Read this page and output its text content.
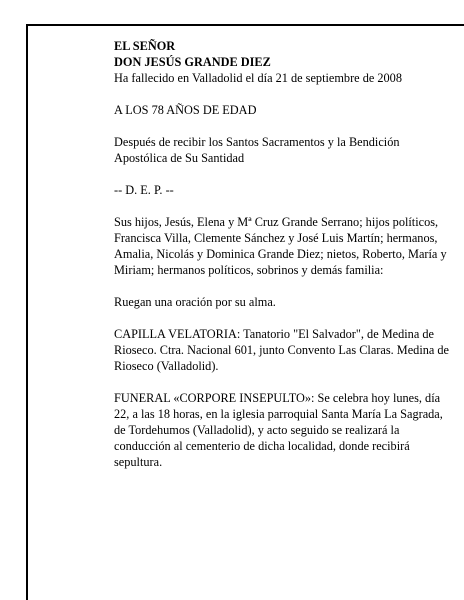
EL SEÑOR

DON JESÚS GRANDE DIEZ

Ha fallecido en Valladolid el día 21 de septiembre de 2008

A LOS 78 AÑOS DE EDAD

Después de recibir los Santos Sacramentos y la Bendición Apostólica de Su Santidad

-- D. E. P. --

Sus hijos, Jesús, Elena y Mª Cruz Grande Serrano; hijos políticos, Francisca Villa, Clemente Sánchez y José Luis Martín; hermanos, Amalia, Nicolás y Dominica Grande Diez; nietos, Roberto, María y Miriam; hermanos políticos, sobrinos y demás familia:

Ruegan una oración por su alma.

CAPILLA VELATORIA: Tanatorio "El Salvador", de Medina de Rioseco. Ctra. Nacional 601, junto Convento Las Claras. Medina de Rioseco (Valladolid).

FUNERAL «CORPORE INSEPULTO»: Se celebra hoy lunes, día 22, a las 18 horas, en la iglesia parroquial Santa María La Sagrada, de Tordehumos (Valladolid), y acto seguido se realizará la conducción al cementerio de dicha localidad, donde recibirá sepultura.
